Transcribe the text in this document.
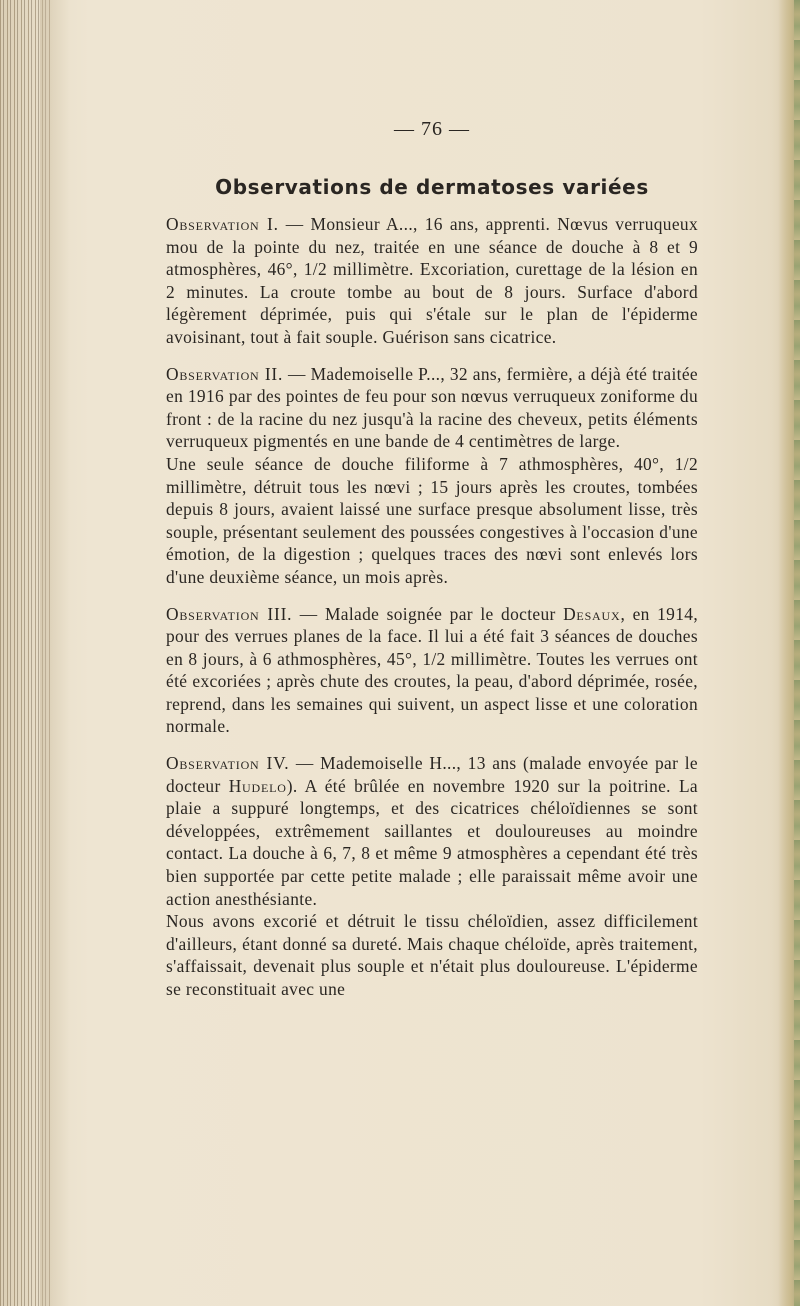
— 76 —
Observations de dermatoses variées

Observation I. — Monsieur A..., 16 ans, apprenti. Nœvus verruqueux mou de la pointe du nez, traitée en une séance de douche à 8 et 9 atmosphères, 46°, 1/2 millimètre. Excoriation, curettage de la lésion en 2 minutes. La croute tombe au bout de 8 jours. Surface d'abord légèrement déprimée, puis qui s'étale sur le plan de l'épiderme avoisinant, tout à fait souple. Guérison sans cicatrice.

Observation II. — Mademoiselle P..., 32 ans, fermière, a déjà été traitée en 1916 par des pointes de feu pour son nœvus verruqueux zoniforme du front : de la racine du nez jusqu'à la racine des cheveux, petits éléments verruqueux pigmentés en une bande de 4 centimètres de large.

Une seule séance de douche filiforme à 7 athmosphères, 40°, 1/2 millimètre, détruit tous les nœvi ; 15 jours après les croutes, tombées depuis 8 jours, avaient laissé une surface presque absolument lisse, très souple, présentant seulement des poussées congestives à l'occasion d'une émotion, de la digestion ; quelques traces des nœvi sont enlevés lors d'une deuxième séance, un mois après.

Observation III. — Malade soignée par le docteur Desaux, en 1914, pour des verrues planes de la face. Il lui a été fait 3 séances de douches en 8 jours, à 6 athmosphères, 45°, 1/2 millimètre. Toutes les verrues ont été excoriées ; après chute des croutes, la peau, d'abord déprimée, rosée, reprend, dans les semaines qui suivent, un aspect lisse et une coloration normale.

Observation IV. — Mademoiselle H..., 13 ans (malade envoyée par le docteur Hudelo). A été brûlée en novembre 1920 sur la poitrine. La plaie a suppuré longtemps, et des cicatrices chéloïdiennes se sont développées, extrêmement saillantes et douloureuses au moindre contact. La douche à 6, 7, 8 et même 9 atmosphères a cependant été très bien supportée par cette petite malade ; elle paraissait même avoir une action anesthésiante.

Nous avons excorié et détruit le tissu chéloïdien, assez difficilement d'ailleurs, étant donné sa dureté. Mais chaque chéloïde, après traitement, s'affaissait, devenait plus souple et n'était plus douloureuse. L'épiderme se reconstituait avec une
